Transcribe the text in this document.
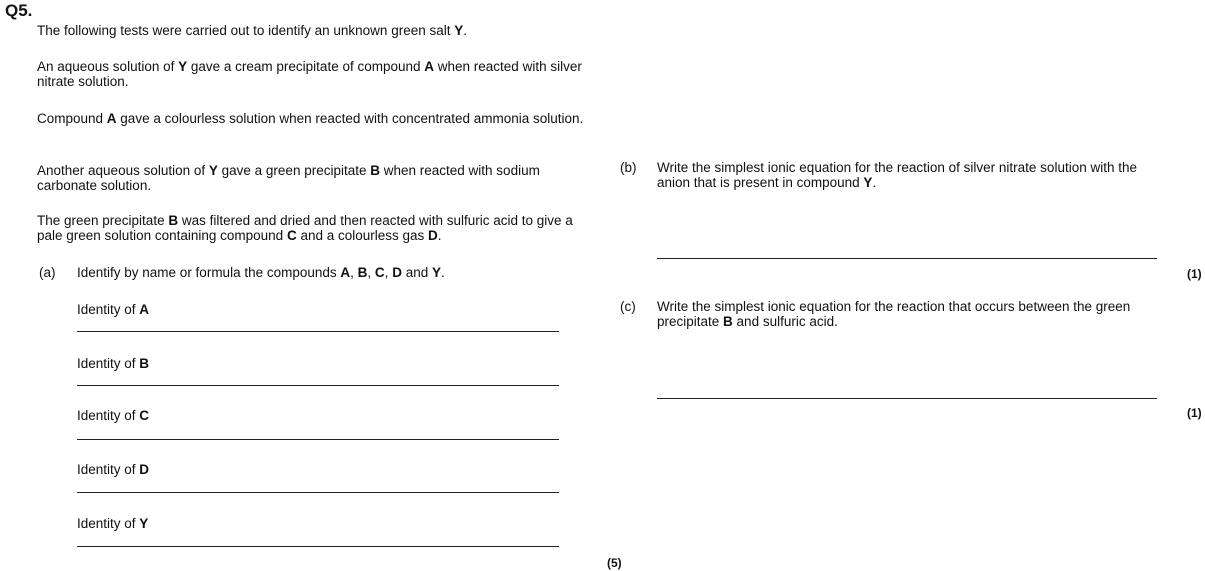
Q5.
The following tests were carried out to identify an unknown green salt Y.
An aqueous solution of Y gave a cream precipitate of compound A when reacted with silver nitrate solution.
Compound A gave a colourless solution when reacted with concentrated ammonia solution.
Another aqueous solution of Y gave a green precipitate B when reacted with sodium carbonate solution.
The green precipitate B was filtered and dried and then reacted with sulfuric acid to give a pale green solution containing compound C and a colourless gas D.
(a) Identify by name or formula the compounds A, B, C, D and Y.
Identity of A
Identity of B
Identity of C
Identity of D
Identity of Y
(5)
(b) Write the simplest ionic equation for the reaction of silver nitrate solution with the anion that is present in compound Y.
(1)
(c) Write the simplest ionic equation for the reaction that occurs between the green precipitate B and sulfuric acid.
(1)
